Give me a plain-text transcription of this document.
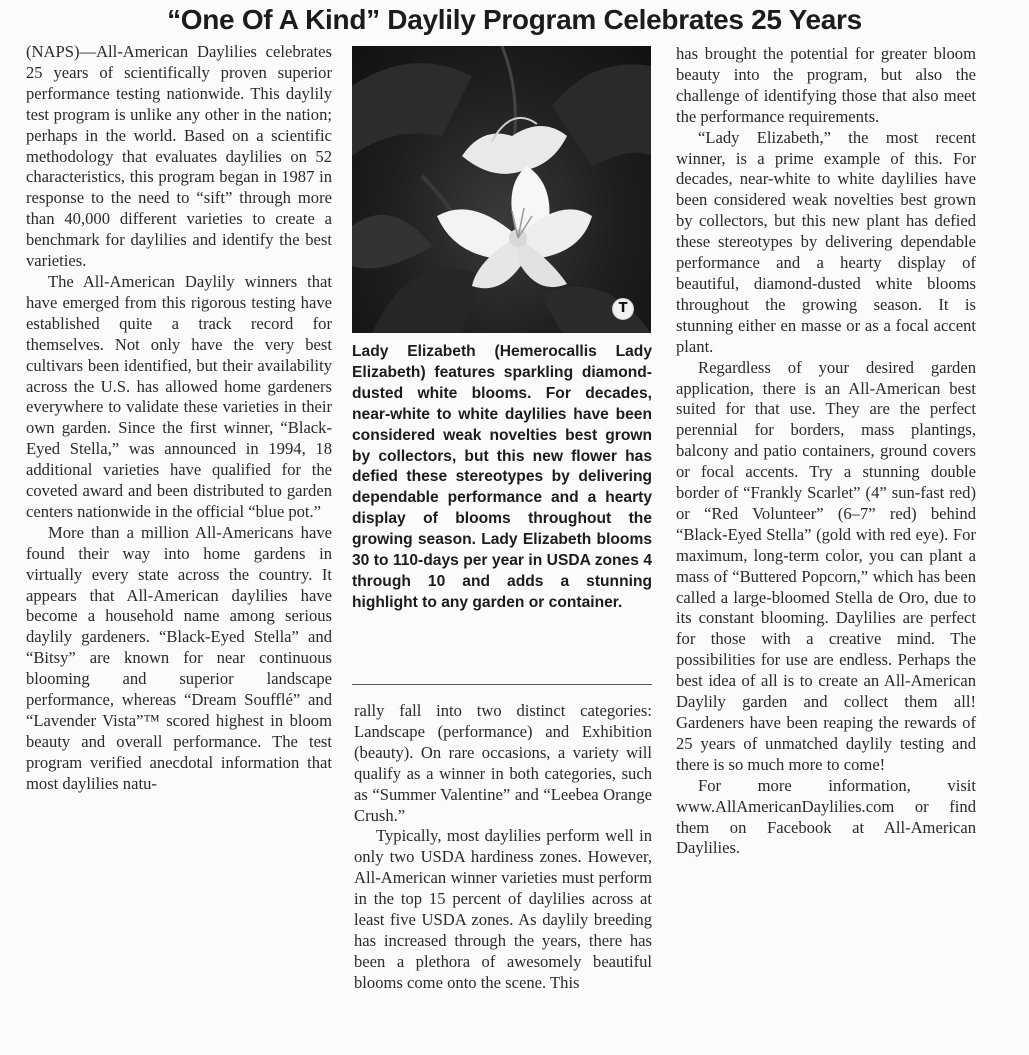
“One Of A Kind” Daylily Program Celebrates 25 Years

(NAPS)—All-American Daylilies celebrates 25 years of scientifically proven superior performance testing nationwide. This daylily test program is unlike any other in the nation; perhaps in the world. Based on a scientific methodology that evaluates daylilies on 52 characteristics, this program began in 1987 in response to the need to “sift” through more than 40,000 different varieties to create a benchmark for daylilies and identify the best varieties.

The All-American Daylily winners that have emerged from this rigorous testing have established quite a track record for themselves. Not only have the very best cultivars been identified, but their availability across the U.S. has allowed home gardeners everywhere to validate these varieties in their own garden. Since the first winner, “Black-Eyed Stella,” was announced in 1994, 18 additional varieties have qualified for the coveted award and been distributed to garden centers nationwide in the official “blue pot.”

More than a million All-Americans have found their way into home gardens in virtually every state across the country. It appears that All-American daylilies have become a household name among serious daylily gardeners. “Black-Eyed Stella” and “Bitsy” are known for near continuous blooming and superior landscape performance, whereas “Dream Soufflé” and “Lavender Vista”™ scored highest in bloom beauty and overall performance. The test program verified anecdotal information that most daylilies natu-

T
Lady Elizabeth (Hemerocallis Lady Elizabeth) features sparkling diamond-dusted white blooms. For decades, near-white to white daylilies have been considered weak novelties best grown by collectors, but this new flower has defied these stereotypes by delivering dependable performance and a hearty display of blooms throughout the growing season. Lady Elizabeth blooms 30 to 110-days per year in USDA zones 4 through 10 and adds a stunning highlight to any garden or container.

rally fall into two distinct categories: Landscape (performance) and Exhibition (beauty). On rare occasions, a variety will qualify as a winner in both categories, such as “Summer Valentine” and “Leebea Orange Crush.”

Typically, most daylilies perform well in only two USDA hardiness zones. However, All-American winner varieties must perform in the top 15 percent of daylilies across at least five USDA zones. As daylily breeding has increased through the years, there has been a plethora of awesomely beautiful blooms come onto the scene. This

has brought the potential for greater bloom beauty into the program, but also the challenge of identifying those that also meet the performance requirements.

“Lady Elizabeth,” the most recent winner, is a prime example of this. For decades, near-white to white daylilies have been considered weak novelties best grown by collectors, but this new plant has defied these stereotypes by delivering dependable performance and a hearty display of beautiful, diamond-dusted white blooms throughout the growing season. It is stunning either en masse or as a focal accent plant.

Regardless of your desired garden application, there is an All-American best suited for that use. They are the perfect perennial for borders, mass plantings, balcony and patio containers, ground covers or focal accents. Try a stunning double border of “Frankly Scarlet” (4” sun-fast red) or “Red Volunteer” (6–7” red) behind “Black-Eyed Stella” (gold with red eye). For maximum, long-term color, you can plant a mass of “Buttered Popcorn,” which has been called a large-bloomed Stella de Oro, due to its constant blooming. Daylilies are perfect for those with a creative mind. The possibilities for use are endless. Perhaps the best idea of all is to create an All-American Daylily garden and collect them all! Gardeners have been reaping the rewards of 25 years of unmatched daylily testing and there is so much more to come!

For more information, visit www.AllAmericanDaylilies.com or find them on Facebook at All-American Daylilies.
